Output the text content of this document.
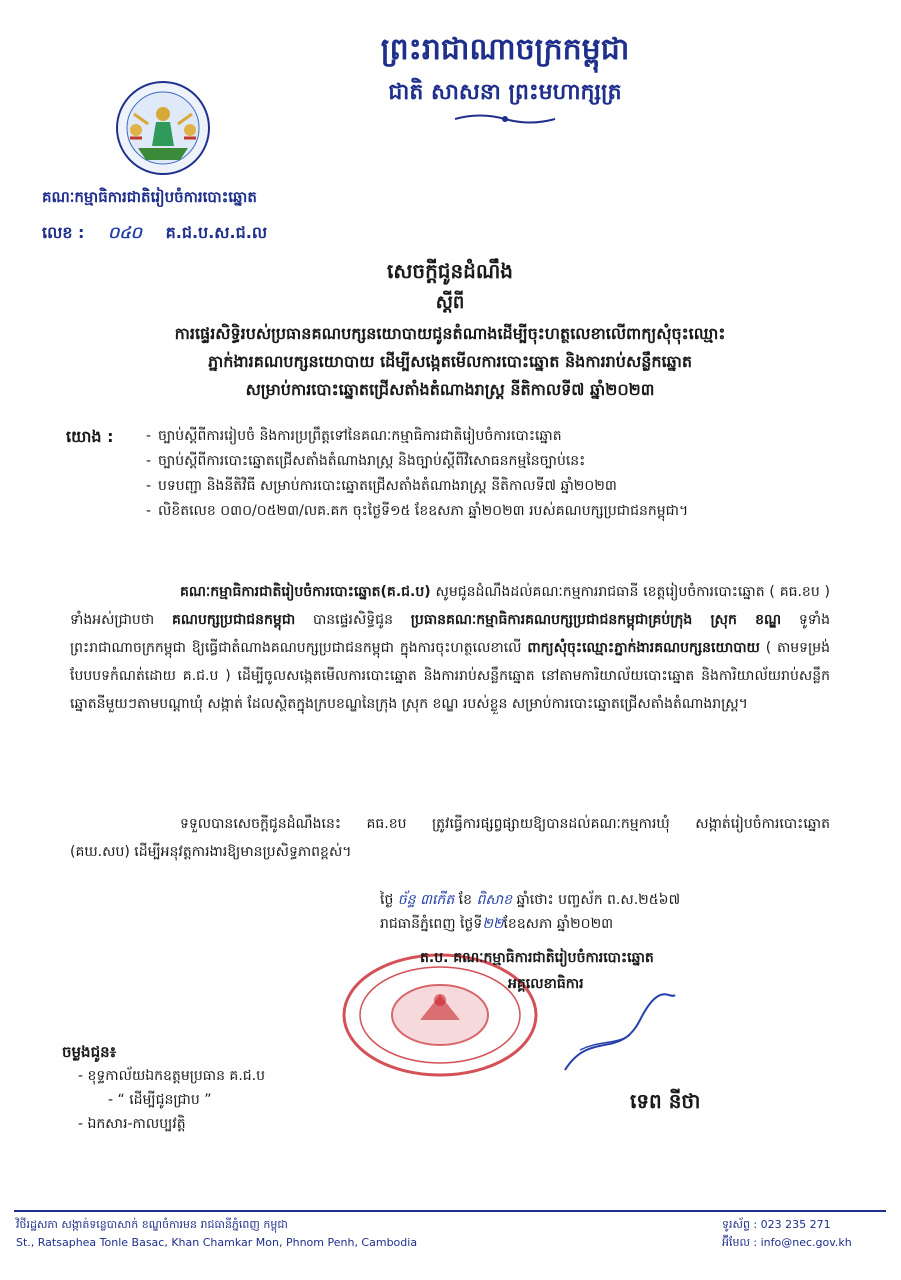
ព្រះរាជាណាចក្រកម្ពុជា
ជាតិ សាសនា ព្រះមហាក្សត្រ
គណៈកម្មាធិការជាតិរៀបចំការបោះឆ្នោត
លេខ : ០៤០ គ.ជ.ប.ស.ជ.ល
សេចក្តីជូនដំណឹង
ស្តីពី
ការផ្ទេរសិទ្ធិរបស់ប្រធានគណបក្សនយោបាយជូនតំណាងដើម្បីចុះហត្ថលេខាលើពាក្យសុំចុះឈ្មោះ
ភ្នាក់ងារគណបក្សនយោបាយ ដើម្បីសង្កេតមើលការបោះឆ្នោត និងការរាប់សន្លឹកឆ្នោត
សម្រាប់ការបោះឆ្នោតជ្រើសតាំងតំណាងរាស្ត្រ នីតិកាលទី៧ ឆ្នាំ២០២៣
យោង :
-	ច្បាប់ស្តីពីការរៀបចំ និងការប្រព្រឹត្តទៅនៃគណៈកម្មាធិការជាតិរៀបចំការបោះឆ្នោត
- ច្បាប់ស្តីពីការបោះឆ្នោតជ្រើសតាំងតំណាងរាស្ត្រ និងច្បាប់ស្តីពីវិសោធនកម្មនៃច្បាប់នេះ
- បទបញ្ជា និងនីតិវិធី សម្រាប់ការបោះឆ្នោតជ្រើសតាំងតំណាងរាស្ត្រ នីតិកាលទី៧ ឆ្នាំ២០២៣
- លិខិតលេខ ០៣០/០៥២៣/លគ.គក ចុះថ្ងៃទី១៥ ខែឧសភា ឆ្នាំ២០២៣ របស់គណបក្សប្រជាជនកម្ពុជា។
គណៈកម្មាធិការជាតិរៀបចំការបោះឆ្នោត(គ.ជ.ប) សូមជូនដំណឹងដល់គណៈកម្មការរាជធានី ខេត្តរៀបចំការបោះឆ្នោត ( គធ.ខប ) ទាំងអស់ជ្រាបថា គណបក្សប្រជាជនកម្ពុជា បានផ្ទេរសិទ្ធិជូន ប្រធានគណៈកម្មាធិការគណបក្សប្រជាជនកម្ពុជាគ្រប់ក្រុង ស្រុក ខណ្ឌ ទូទាំងព្រះរាជាណាចក្រកម្ពុជា ឱ្យធ្វើជាតំណាងគណបក្សប្រជាជនកម្ពុជា ក្នុងការចុះហត្ថលេខាលើ ពាក្យសុំចុះឈ្មោះភ្នាក់ងារគណបក្សនយោបាយ ( តាមទម្រង់បែបបទកំណត់ដោយ គ.ជ.ប ) ដើម្បីចូលសង្កេតមើលការបោះឆ្នោត និងការរាប់សន្លឹកឆ្នោត នៅតាមការិយាល័យបោះឆ្នោត និងការិយាល័យរាប់សន្លឹកឆ្នោតនីមួយៗតាមបណ្តាឃុំ សង្កាត់ ដែលស្ថិតក្នុងក្របខណ្ឌនៃក្រុង ស្រុក ខណ្ឌ របស់ខ្លួន សម្រាប់ការបោះឆ្នោតជ្រើសតាំងតំណាងរាស្ត្រ។
ទទួលបានសេចក្តីជូនដំណឹងនេះ គធ.ខប ត្រូវធ្វើការផ្សព្វផ្សាយឱ្យបានដល់គណៈកម្មការឃុំ សង្កាត់រៀបចំការបោះឆ្នោត (គឃ.សប) ដើម្បីអនុវត្តការងារឱ្យមានប្រសិទ្ធភាពខ្ពស់។
ថ្ងៃ ច័ន្ទ ៣កើត ខែ ពិសាខ ឆ្នាំថោះ បញ្ចស័ក ព.ស.២៥៦៧
រាជធានីភ្នំពេញ ថ្ងៃទី២២ខែឧសភា ឆ្នាំ២០២៣
ត.ប. គណៈកម្មាធិការជាតិរៀបចំការបោះឆ្នោត
អគ្គលេខាធិការ
ទេព នីថា
ចម្លងជូន៖
- ខុទ្ទកាល័យឯកឧត្តមប្រធាន គ.ជ.ប
- “ ដើម្បីជូនជ្រាប ”
- ឯកសារ-កាលប្បវត្តិ
វិថីរដ្ឋសភា សង្កាត់ទន្លេបាសាក់ ខណ្ឌចំការមន រាជធានីភ្នំពេញ កម្ពុជា
St., Ratsaphea Tonle Basac, Khan Chamkar Mon, Phnom Penh, Cambodia
ទូរស័ព្ទ : 023 235 271
អ៊ីមែល : info@nec.gov.kh
